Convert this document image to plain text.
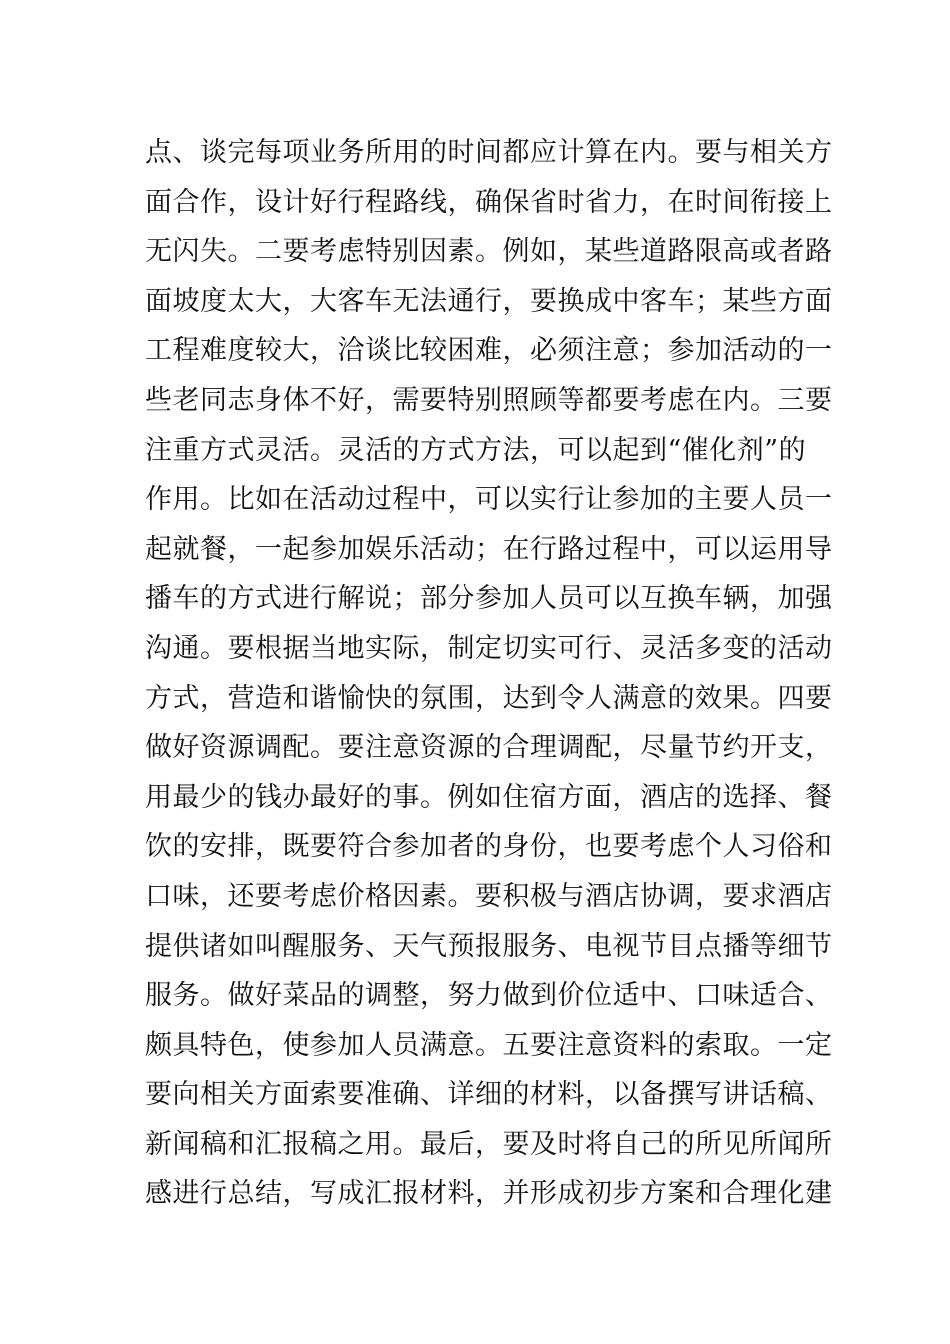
点、谈完每项业务所用的时间都应计算在内。要与相关方
面合作，设计好行程路线，确保省时省力，在时间衔接上
无闪失。二要考虑特别因素。例如，某些道路限高或者路
面坡度太大，大客车无法通行，要换成中客车；某些方面
工程难度较大，洽谈比较困难，必须注意；参加活动的一
些老同志身体不好，需要特别照顾等都要考虑在内。三要
注重方式灵活。灵活的方式方法，可以起到“催化剂”的
作用。比如在活动过程中，可以实行让参加的主要人员一
起就餐，一起参加娱乐活动；在行路过程中，可以运用导
播车的方式进行解说；部分参加人员可以互换车辆，加强
沟通。要根据当地实际，制定切实可行、灵活多变的活动
方式，营造和谐愉快的氛围，达到令人满意的效果。四要
做好资源调配。要注意资源的合理调配，尽量节约开支，
用最少的钱办最好的事。例如住宿方面，酒店的选择、餐
饮的安排，既要符合参加者的身份，也要考虑个人习俗和
口味，还要考虑价格因素。要积极与酒店协调，要求酒店
提供诸如叫醒服务、天气预报服务、电视节目点播等细节
服务。做好菜品的调整，努力做到价位适中、口味适合、
颇具特色，使参加人员满意。五要注意资料的索取。一定
要向相关方面索要准确、详细的材料，以备撰写讲话稿、
新闻稿和汇报稿之用。最后，要及时将自己的所见所闻所
感进行总结，写成汇报材料，并形成初步方案和合理化建
